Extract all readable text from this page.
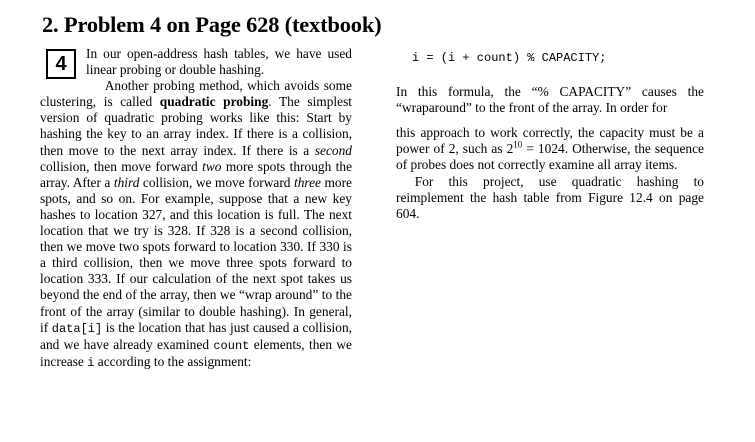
2. Problem 4 on Page 628 (textbook)
4	In our open-address hash tables, we have used linear probing or double hashing.

Another probing method, which avoids some clustering, is called quadratic probing. The simplest version of quadratic probing works like this: Start by hashing the key to an array index. If there is a collision, then move to the next array index. If there is a second collision, then move forward two more spots through the array. After a third collision, we move forward three more spots, and so on. For example, suppose that a new key hashes to location 327, and this location is full. The next location that we try is 328. If 328 is a second collision, then we move two spots forward to location 330. If 330 is a third collision, then we move three spots forward to location 333. If our calculation of the next spot takes us beyond the end of the array, then we “wrap around” to the front of the array (similar to double hashing). In general, if data[i] is the location that has just caused a collision, and we have already examined count elements, then we increase i according to the assignment:

i = (i + count) % CAPACITY;

In this formula, the “% CAPACITY” causes the “wraparound” to the front of the array. In order for

this approach to work correctly, the capacity must be a power of 2, such as $2^{10} = 1024$. Otherwise, the sequence of probes does not correctly examine all array items.

For this project, use quadratic hashing to reimplement the hash table from Figure 12.4 on page 604.
